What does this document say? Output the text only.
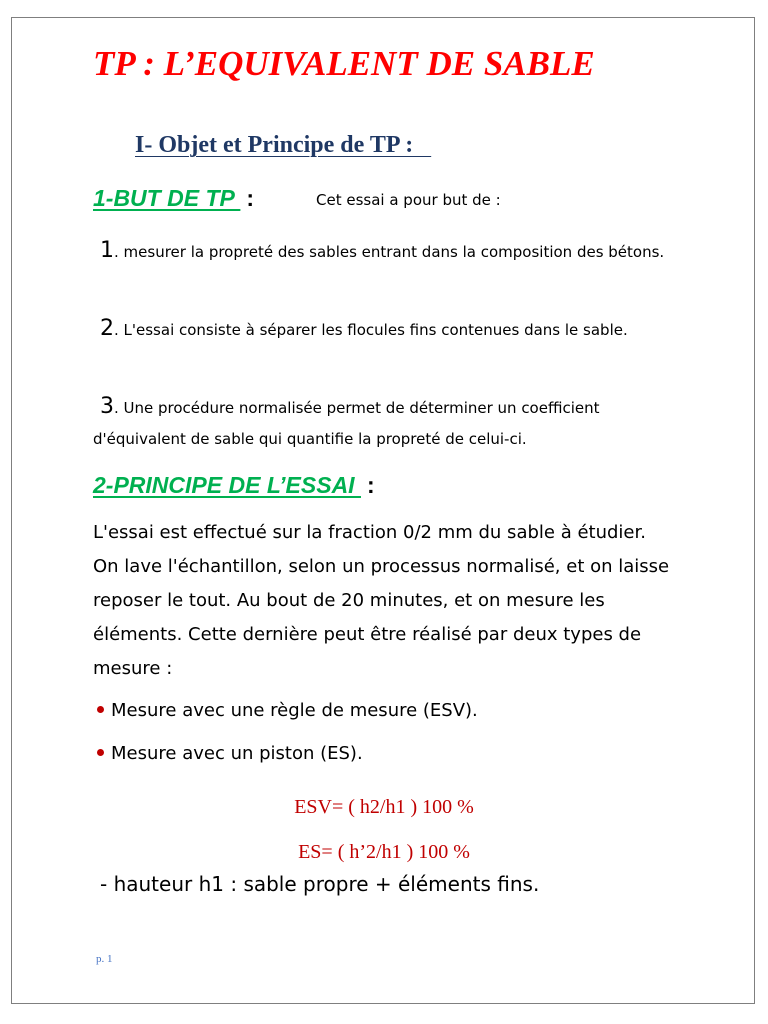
TP : L’EQUIVALENT DE SABLE
I- Objet et Principe de TP :
1-BUT DE TP :	Cet essai a pour but de :

1. mesurer la propreté des sables entrant dans la composition des bétons.

2. L'essai consiste à séparer les flocules fins contenues dans le sable.

3. Une procédure normalisée permet de déterminer un coefficient d'équivalent de sable qui quantifie la propreté de celui-ci.

2-PRINCIPE DE L’ESSAI :

L'essai est effectué sur la fraction 0/2 mm du sable à étudier. On lave l'échantillon, selon un processus normalisé, et on laisse reposer le tout. Au bout de 20 minutes, et on mesure les éléments. Cette dernière peut être réalisé par deux types de mesure :

Mesure avec une règle de mesure (ESV).

Mesure avec un piston (ES).

ESV= ( h2/h1 ) 100 %

ES= ( h’2/h1 ) 100 %

- hauteur h1 : sable propre + éléments fins.

p. 1
